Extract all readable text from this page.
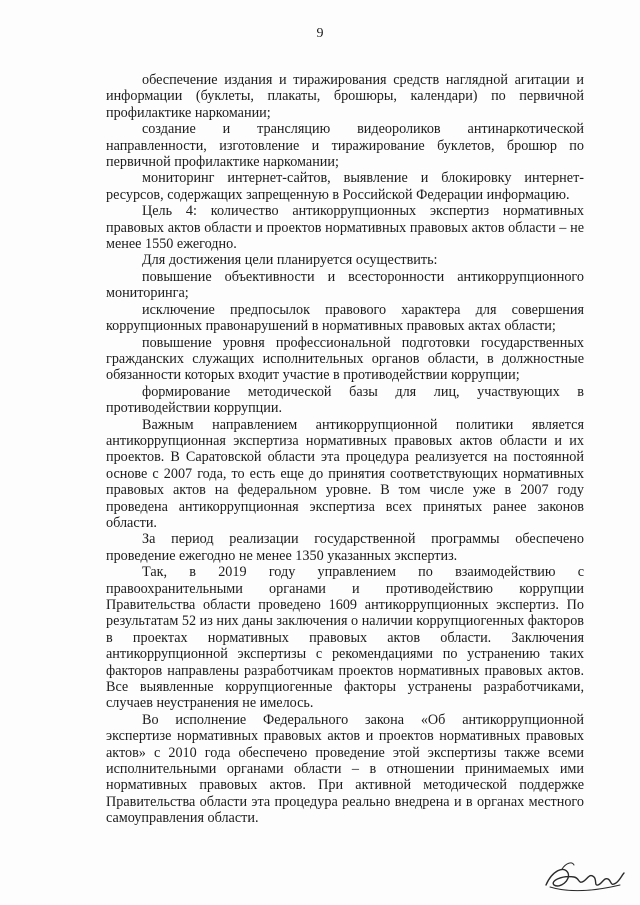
9

обеспечение издания и тиражирования средств наглядной агитации и информации (буклеты, плакаты, брошюры, календари) по первичной профилактике наркомании;

создание и трансляцию видеороликов антинаркотической направленности, изготовление и тиражирование буклетов, брошюр по первичной профилактике наркомании;

мониторинг интернет-сайтов, выявление и блокировку интернет-ресурсов, содержащих запрещенную в Российской Федерации информацию.

Цель 4: количество антикоррупционных экспертиз нормативных правовых актов области и проектов нормативных правовых актов области – не менее 1550 ежегодно.

Для достижения цели планируется осуществить:

повышение объективности и всесторонности антикоррупционного мониторинга;

исключение предпосылок правового характера для совершения коррупционных правонарушений в нормативных правовых актах области;

повышение уровня профессиональной подготовки государственных гражданских служащих исполнительных органов области, в должностные обязанности которых входит участие в противодействии коррупции;

формирование методической базы для лиц, участвующих в противодействии коррупции.

Важным направлением антикоррупционной политики является антикоррупционная экспертиза нормативных правовых актов области и их проектов. В Саратовской области эта процедура реализуется на постоянной основе с 2007 года, то есть еще до принятия соответствующих нормативных правовых актов на федеральном уровне. В том числе уже в 2007 году проведена антикоррупционная экспертиза всех принятых ранее законов области.

За период реализации государственной программы обеспечено проведение ежегодно не менее 1350 указанных экспертиз.

Так, в 2019 году управлением по взаимодействию с правоохранительными органами и противодействию коррупции Правительства области проведено 1609 антикоррупционных экспертиз. По результатам 52 из них даны заключения о наличии коррупциогенных факторов в проектах нормативных правовых актов области. Заключения антикоррупционной экспертизы с рекомендациями по устранению таких факторов направлены разработчикам проектов нормативных правовых актов. Все выявленные коррупциогенные факторы устранены разработчиками, случаев неустранения не имелось.

Во исполнение Федерального закона «Об антикоррупционной экспертизе нормативных правовых актов и проектов нормативных правовых актов» с 2010 года обеспечено проведение этой экспертизы также всеми исполнительными органами области – в отношении принимаемых ими нормативных правовых актов. При активной методической поддержке Правительства области эта процедура реально внедрена и в органах местного самоуправления области.
